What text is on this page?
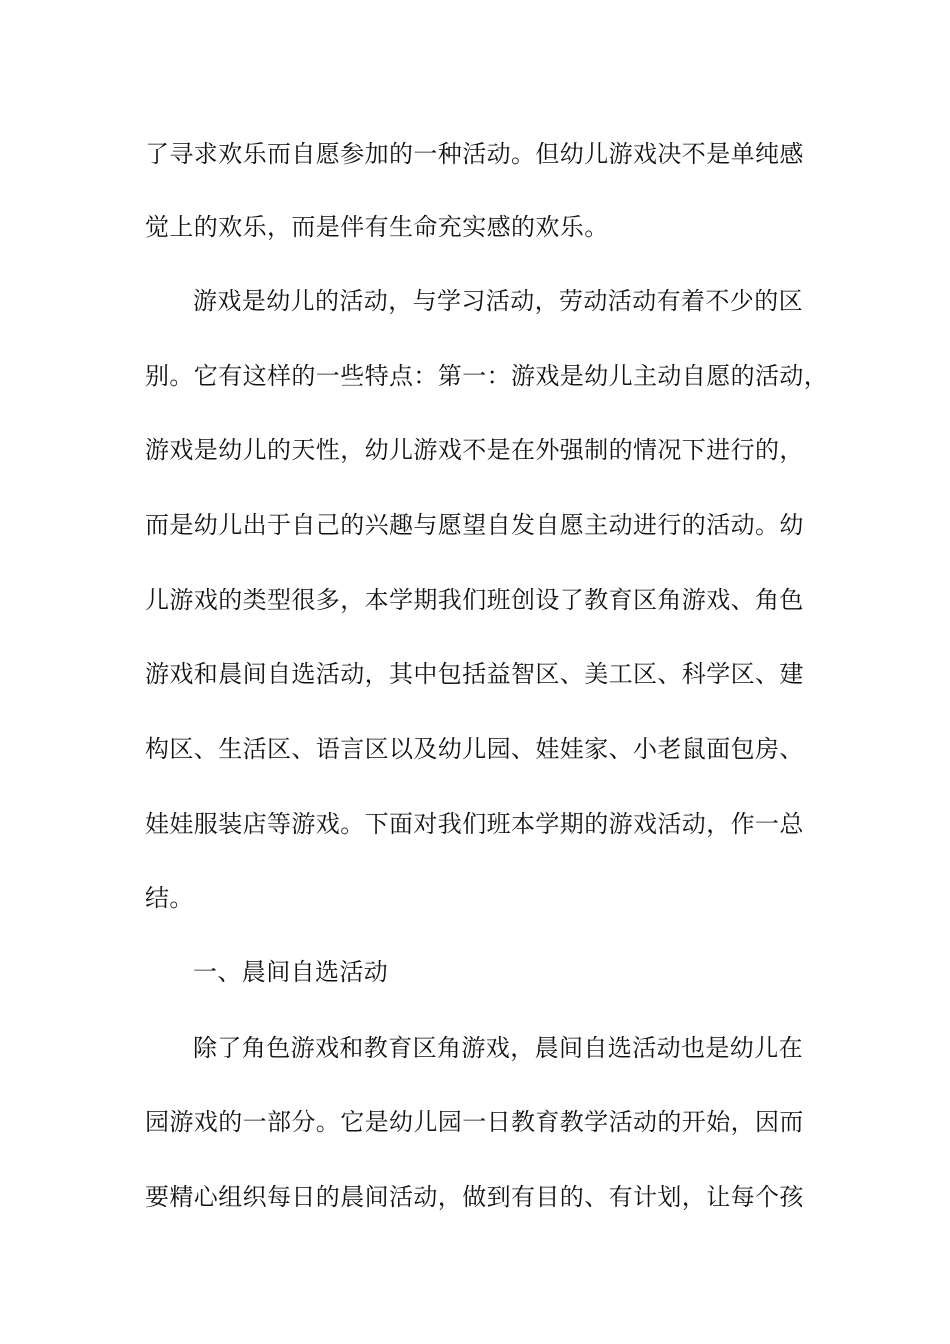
了寻求欢乐而自愿参加的一种活动。但幼儿游戏决不是单纯感

觉上的欢乐，而是伴有生命充实感的欢乐。

游戏是幼儿的活动，与学习活动，劳动活动有着不少的区

别。它有这样的一些特点：第一：游戏是幼儿主动自愿的活动，

游戏是幼儿的天性，幼儿游戏不是在外强制的情况下进行的，

而是幼儿出于自己的兴趣与愿望自发自愿主动进行的活动。幼

儿游戏的类型很多，本学期我们班创设了教育区角游戏、角色

游戏和晨间自选活动，其中包括益智区、美工区、科学区、建

构区、生活区、语言区以及幼儿园、娃娃家、小老鼠面包房、

娃娃服装店等游戏。下面对我们班本学期的游戏活动，作一总

结。

一、晨间自选活动

除了角色游戏和教育区角游戏，晨间自选活动也是幼儿在

园游戏的一部分。它是幼儿园一日教育教学活动的开始，因而

要精心组织每日的晨间活动，做到有目的、有计划，让每个孩
